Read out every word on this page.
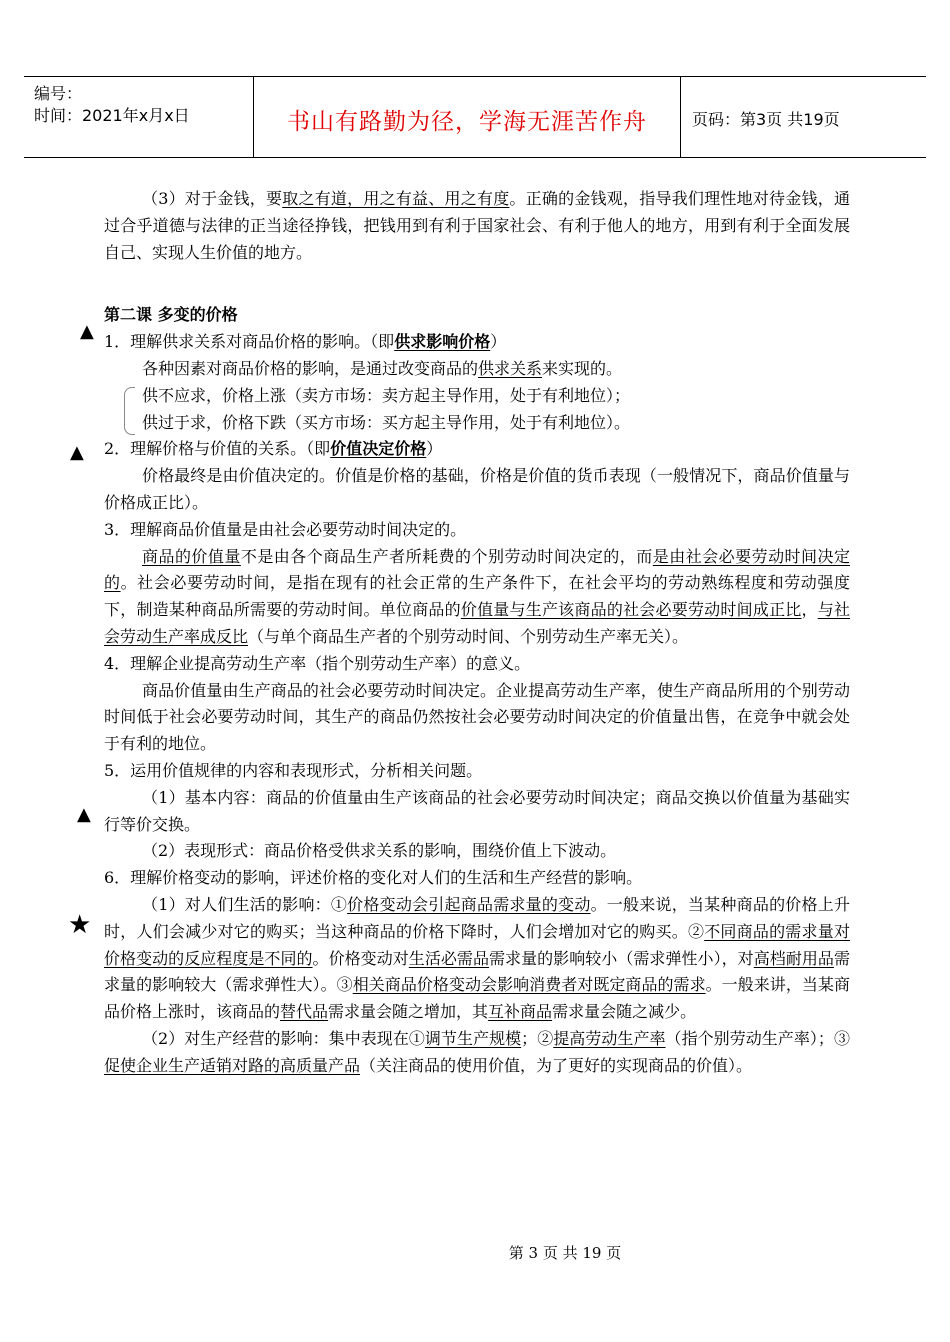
编号：
时间：2021年x月x日	书山有路勤为径，学海无涯苦作舟	页码：第3页 共19页
▲
▲
▲
★

（3）对于金钱，要取之有道，用之有益、用之有度。正确的金钱观，指导我们理性地对待金钱，通过合乎道德与法律的正当途径挣钱，把钱用到有利于国家社会、有利于他人的地方，用到有利于全面发展自己、实现人生价值的地方。

第二课 多变的价格

1．理解供求关系对商品价格的影响。（即供求影响价格）

各种因素对商品价格的影响，是通过改变商品的供求关系来实现的。

供不应求，价格上涨（卖方市场：卖方起主导作用，处于有利地位）；

供过于求，价格下跌（买方市场：买方起主导作用，处于有利地位）。

2．理解价格与价值的关系。（即价值决定价格）

价格最终是由价值决定的。价值是价格的基础，价格是价值的货币表现（一般情况下，商品价值量与价格成正比）。

3．理解商品价值量是由社会必要劳动时间决定的。

商品的价值量不是由各个商品生产者所耗费的个别劳动时间决定的，而是由社会必要劳动时间决定的。社会必要劳动时间，是指在现有的社会正常的生产条件下，在社会平均的劳动熟练程度和劳动强度下，制造某种商品所需要的劳动时间。单位商品的价值量与生产该商品的社会必要劳动时间成正比，与社会劳动生产率成反比（与单个商品生产者的个别劳动时间、个别劳动生产率无关）。

4．理解企业提高劳动生产率（指个别劳动生产率）的意义。

商品价值量由生产商品的社会必要劳动时间决定。企业提高劳动生产率，使生产商品所用的个别劳动时间低于社会必要劳动时间，其生产的商品仍然按社会必要劳动时间决定的价值量出售，在竞争中就会处于有利的地位。

5．运用价值规律的内容和表现形式，分析相关问题。

（1）基本内容：商品的价值量由生产该商品的社会必要劳动时间决定；商品交换以价值量为基础实行等价交换。

（2）表现形式：商品价格受供求关系的影响，围绕价值上下波动。

6．理解价格变动的影响，评述价格的变化对人们的生活和生产经营的影响。

（1）对人们生活的影响：①价格变动会引起商品需求量的变动。一般来说，当某种商品的价格上升时，人们会减少对它的购买；当这种商品的价格下降时，人们会增加对它的购买。②不同商品的需求量对价格变动的反应程度是不同的。价格变动对生活必需品需求量的影响较小（需求弹性小），对高档耐用品需求量的影响较大（需求弹性大）。③相关商品价格变动会影响消费者对既定商品的需求。一般来讲，当某商品价格上涨时，该商品的替代品需求量会随之增加，其互补商品需求量会随之减少。

（2）对生产经营的影响：集中表现在①调节生产规模；②提高劳动生产率（指个别劳动生产率）；③促使企业生产适销对路的高质量产品（关注商品的使用价值，为了更好的实现商品的价值）。

第 3 页 共 19 页
